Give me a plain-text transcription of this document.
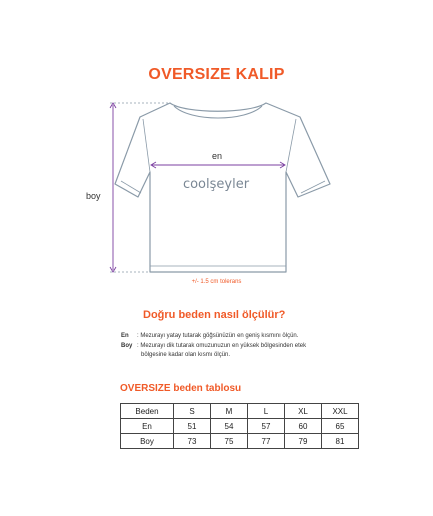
OVERSIZE KALIP
en
boy
coolşeyler
+/- 1.5 cm tolerans
Doğru beden nasıl ölçülür?
En : Mezurayı yatay tutarak göğsünüzün en geniş kısmını ölçün.
Boy : Mezurayı dik tutarak omuzunuzun en yüksek bölgesinden etek
bölgesine kadar olan kısmı ölçün.
OVERSIZE beden tablosu
Beden	S	M	L	XL	XXL
En	51	54	57	60	65
Boy	73	75	77	79	81
